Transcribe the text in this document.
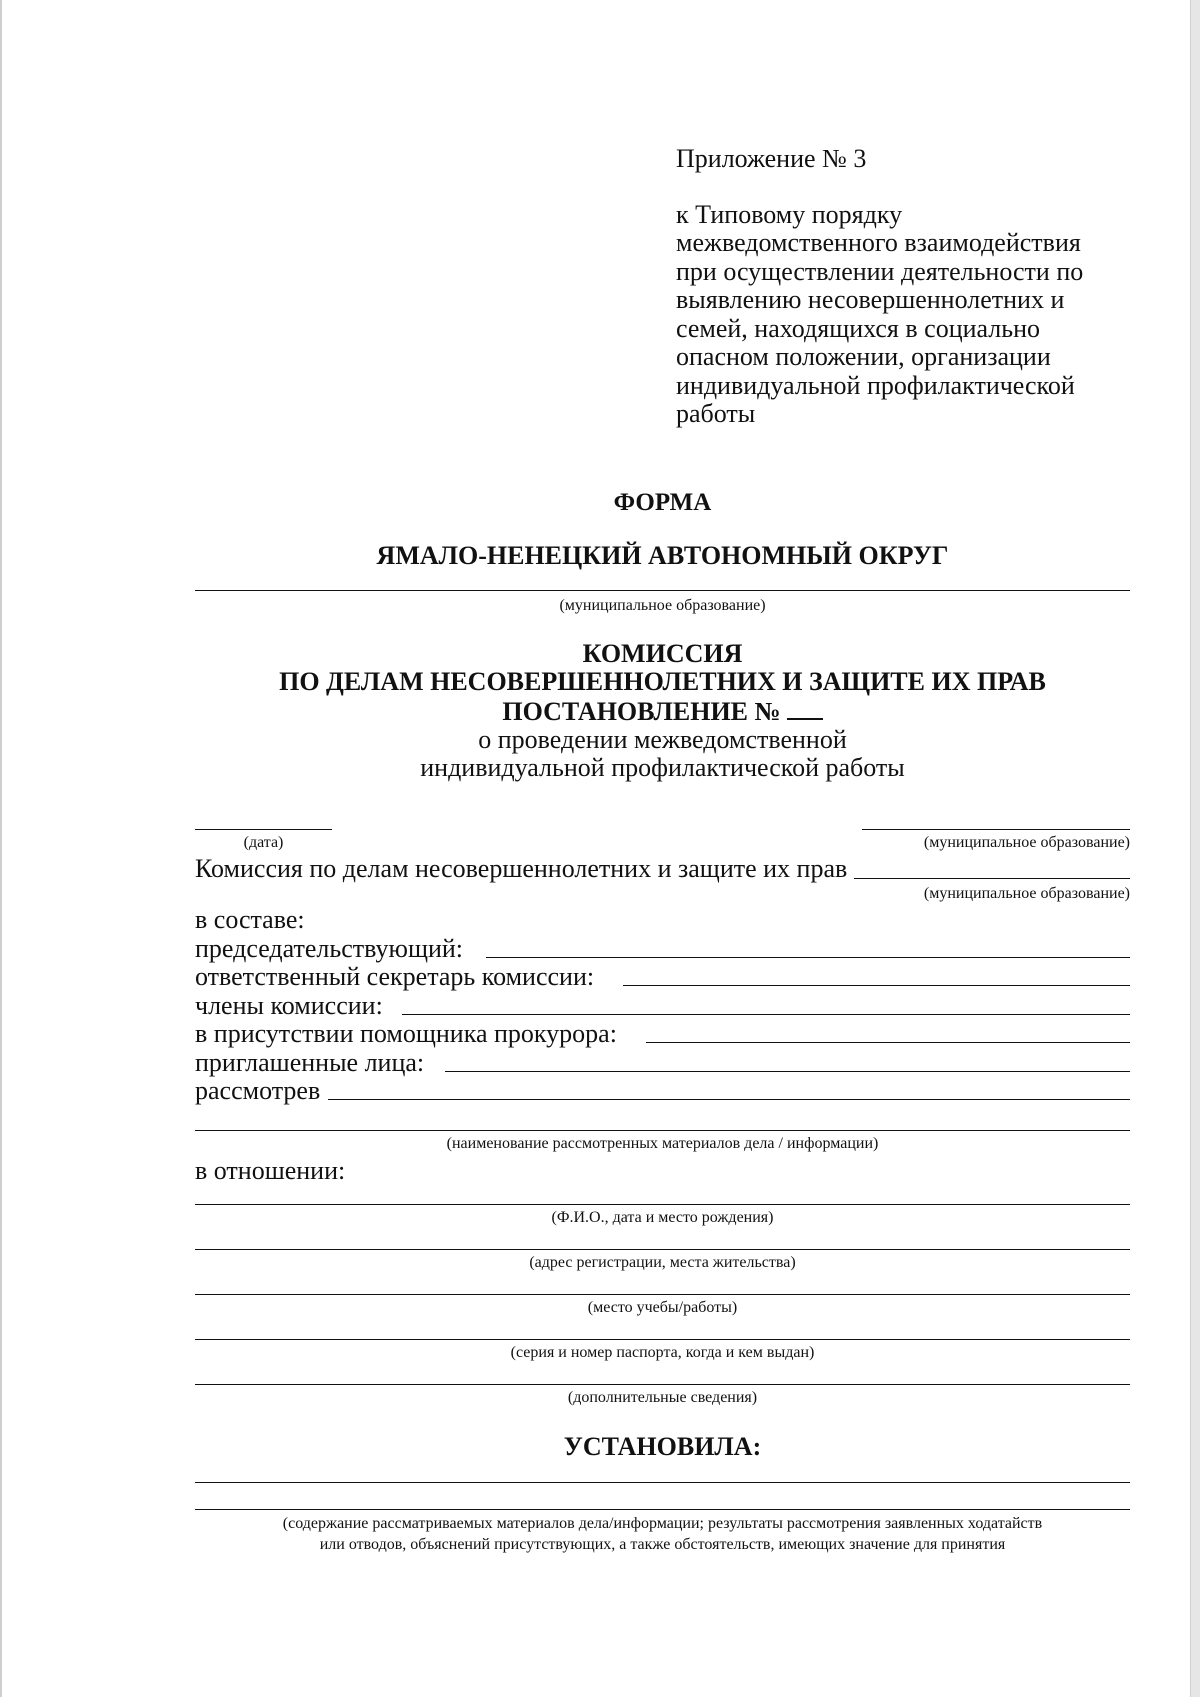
Приложение № 3

к Типовому порядку
межведомственного взаимодействия
при осуществлении деятельности по
выявлению несовершеннолетних и
семей, находящихся в социально
опасном положении, организации
индивидуальной профилактической
работы

ФОРМА
ЯМАЛО-НЕНЕЦКИЙ АВТОНОМНЫЙ ОКРУГ
(муниципальное образование)
КОМИССИЯ
ПО ДЕЛАМ НЕСОВЕРШЕННОЛЕТНИХ И ЗАЩИТЕ ИХ ПРАВ
ПОСТАНОВЛЕНИЕ №
о проведении межведомственной
индивидуальной профилактической работы
(дата)	(муниципальное образование)
Комиссия по делам несовершеннолетних и защите их прав
(муниципальное образование)
в составе:
председательствующий:
ответственный секретарь комиссии:
члены комиссии:
в присутствии помощника прокурора:
приглашенные лица:
рассмотрев
(наименование рассмотренных материалов дела / информации)
в отношении:
(Ф.И.О., дата и место рождения)
(адрес регистрации, места жительства)
(место учебы/работы)
(серия и номер паспорта, когда и кем выдан)
(дополнительные сведения)
УСТАНОВИЛА:
(содержание рассматриваемых материалов дела/информации; результаты рассмотрения заявленных ходатайств
или отводов, объяснений присутствующих, а также обстоятельств, имеющих значение для принятия
